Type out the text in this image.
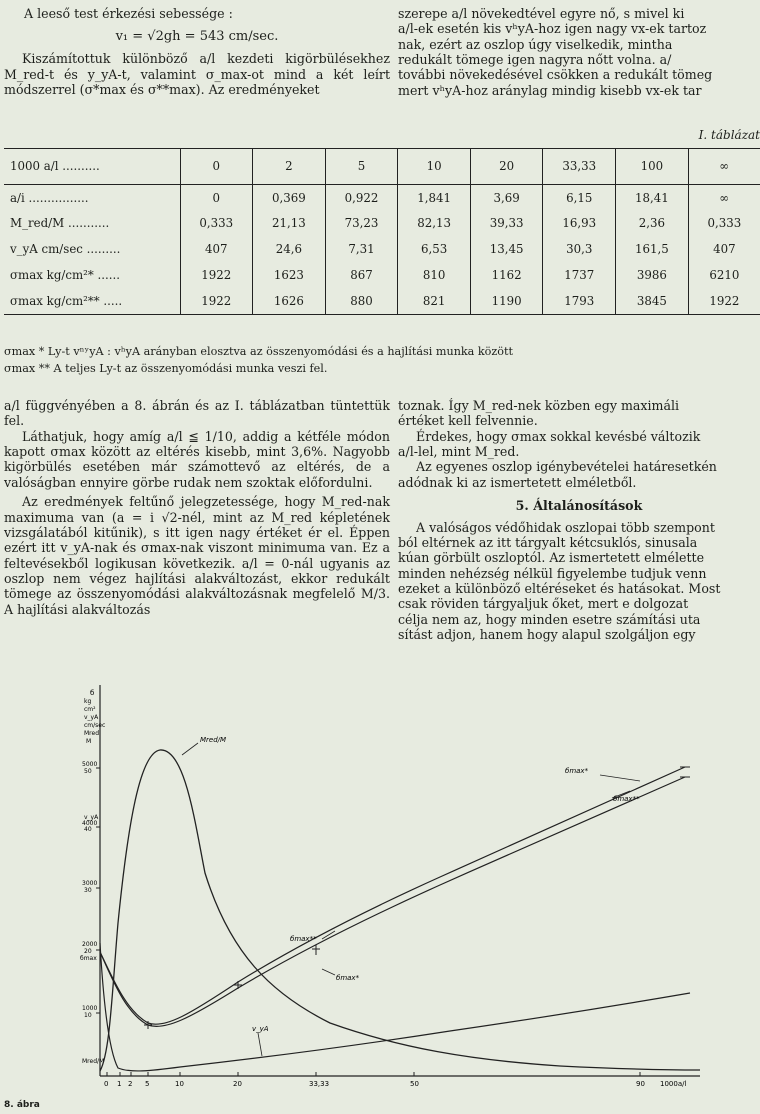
A leeső test érkezési sebessége :

v₁ = √2gh = 543 cm/sec.

Kiszámítottuk különböző a/l kezdeti kigörbülésekhez M_red-t és y_yA-t, valamint σ_max-ot mind a két leírt módszerrel (σ*max és σ**max). Az eredményeket

szerepe a/l növekedtével egyre nő, s mivel ki

a/l-ek esetén kis vʰyA-hoz igen nagy vx-ek tartoz

nak, ezért az oszlop úgy viselkedik, mintha

redukált tömege igen nagyra nőtt volna. a/

további növekedésével csökken a redukált tömeg

mert vʰyA-hoz aránylag mindig kisebb vx-ek tar

I. táblázat
1000 a/l ..........	0	2	5	10	20	33,33	100	∞
a/i ................	0	0,369	0,922	1,841	3,69	6,15	18,41	∞
M_red/M ...........	0,333	21,13	73,23	82,13	39,33	16,93	2,36	0,333
v_yA cm/sec .........	407	24,6	7,31	6,53	13,45	30,3	161,5	407
σmax kg/cm²* ......	1922	1623	867	810	1162	1737	3986	6210
σmax kg/cm²** .....	1922	1626	880	821	1190	1793	3845	1922

σmax * Ly-t vⁿʸyA : vʰyA arányban elosztva az összenyomódási és a hajlítási munka között

σmax ** A teljes Ly-t az összenyomódási munka veszi fel.

a/l függvényében a 8. ábrán és az I. táblázatban tüntettük fel.

Láthatjuk, hogy amíg a/l ≦ 1/10, addig a kétféle módon kapott σmax között az eltérés kisebb, mint 3,6%. Nagyobb kigörbülés esetében már számottevő az eltérés, de a valóságban ennyire görbe rudak nem szoktak előfordulni.

Az eredmények feltűnő jelegzetessége, hogy M_red-nak maximuma van (a = i √2-nél, mint az M_red képletének vizsgálatából kitűnik), s itt igen nagy értéket ér el. Éppen ezért itt v_yA-nak és σmax-nak viszont minimuma van. Ez a feltevésekből logikusan következik. a/l = 0-nál ugyanis az oszlop nem végez hajlítási alakváltozást, ekkor redukált tömege az összenyomódási alakváltozásnak megfelelő M/3. A hajlítási alakváltozás

toznak. Így M_red-nek közben egy maximáli

értéket kell felvennie.

Érdekes, hogy σmax sokkal kevésbé változik

a/l-lel, mint M_red.

Az egyenes oszlop igénybevételei határesetkén

adódnak ki az ismertetett elméletből.

5. Általánosítások

A valóságos védőhidak oszlopai több szempont

ból eltérnek az itt tárgyalt kétcsuklós, sinusala

kúan görbült oszloptól. Az ismertetett elmélette

minden nehézség nélkül figyelembe tudjuk venn

ezeket a különböző eltéréseket és hatásokat. Most

csak röviden tárgyaljuk őket, mert e dolgozat

célja nem az, hogy minden esetre számítási uta

sítást adjon, hanem hogy alapul szolgáljon egy

б
kg
cm²
v_yA
cm/sec
Mred
M
5000
4000
40
3000
30
2000
20
бmax
1000
10
50
v_yA
Mred/M
0 1 2 5	10	20	33,33	50	90 1000a/l
Mred/M
бmax*
бmax**
бmax**
бmax*
v_yA
8. ábra
